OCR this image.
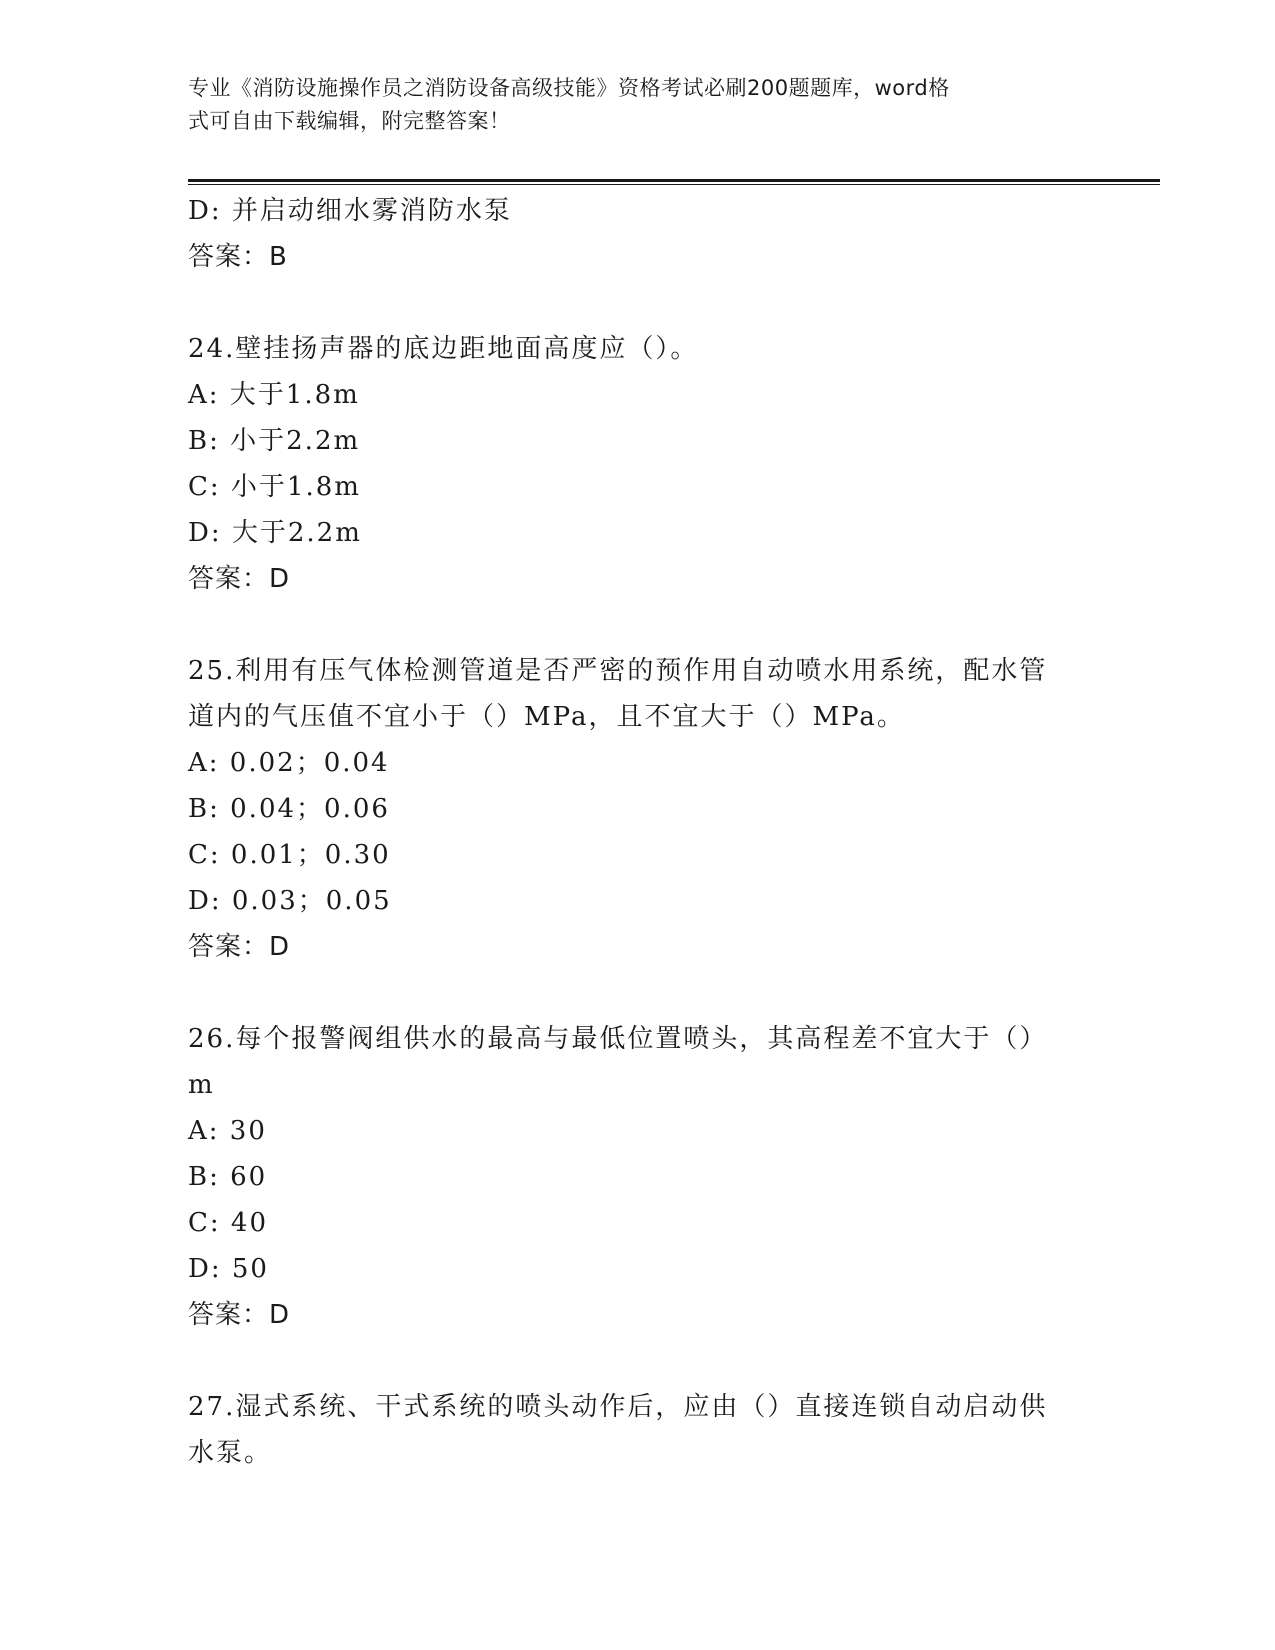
专业《消防设施操作员之消防设备高级技能》资格考试必刷200题题库，word格
式可自由下载编辑，附完整答案！
D: 并启动细水雾消防水泵
答案：B
24.壁挂扬声器的底边距地面高度应（）。
A: 大于1.8m
B: 小于2.2m
C: 小于1.8m
D: 大于2.2m
答案：D
25.利用有压气体检测管道是否严密的预作用自动喷水用系统，配水管
道内的气压值不宜小于（）MPa，且不宜大于（）MPa。
A: 0.02；0.04
B: 0.04；0.06
C: 0.01；0.30
D: 0.03；0.05
答案：D
26.每个报警阀组供水的最高与最低位置喷头，其高程差不宜大于（）
m
A: 30
B: 60
C: 40
D: 50
答案：D
27.湿式系统、干式系统的喷头动作后，应由（）直接连锁自动启动供
水泵。
